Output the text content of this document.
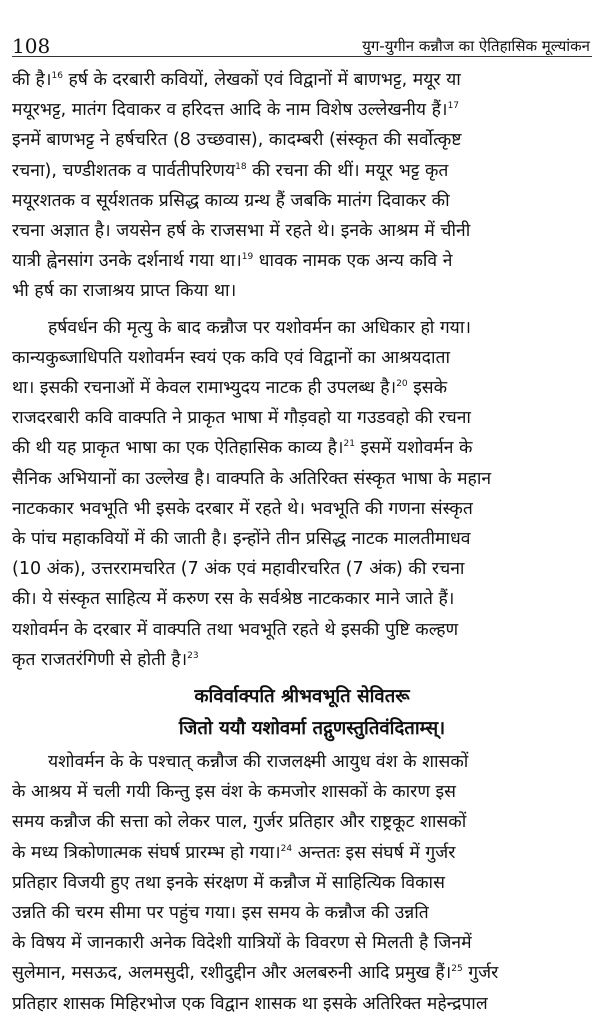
108	युग-युगीन कन्नौज का ऐतिहासिक मूल्यांकन
की है।$^{16}$ हर्ष के दरबारी कवियों, लेखकों एवं विद्वानों में बाणभट्ट, मयूर या
मयूरभट्ट, मातंग दिवाकर व हरिदत्त आदि के नाम विशेष उल्लेखनीय हैं।$^{17}$
इनमें बाणभट्ट ने हर्षचरित (8 उच्छवास), कादम्बरी (संस्कृत की सर्वोत्कृष्ट
रचना), चण्डीशतक व पार्वतीपरिणय$^{18}$ की रचना की थीं। मयूर भट्ट कृत
मयूरशतक व सूर्यशतक प्रसिद्ध काव्य ग्रन्थ हैं जबकि मातंग दिवाकर की
रचना अज्ञात है। जयसेन हर्ष के राजसभा में रहते थे। इनके आश्रम में चीनी
यात्री ह्वेनसांग उनके दर्शनार्थ गया था।$^{19}$ धावक नामक एक अन्य कवि ने
भी हर्ष का राजाश्रय प्राप्त किया था।
हर्षवर्धन की मृत्यु के बाद कन्नौज पर यशोवर्मन का अधिकार हो गया।
कान्यकुब्जाधिपति यशोवर्मन स्वयं एक कवि एवं विद्वानों का आश्रयदाता
था। इसकी रचनाओं में केवल रामाभ्युदय नाटक ही उपलब्ध है।$^{20}$ इसके
राजदरबारी कवि वाक्पति ने प्राकृत भाषा में गौड़वहो या गउडवहो की रचना
की थी यह प्राकृत भाषा का एक ऐतिहासिक काव्य है।$^{21}$ इसमें यशोवर्मन के
सैनिक अभियानों का उल्लेख है। वाक्पति के अतिरिक्त संस्कृत भाषा के महान
नाटककार भवभूति भी इसके दरबार में रहते थे। भवभूति की गणना संस्कृत
के पांच महाकवियों में की जाती है। इन्होंने तीन प्रसिद्ध नाटक मालतीमाधव
(10 अंक), उत्तररामचरित (7 अंक एवं महावीरचरित (7 अंक) की रचना
की। ये संस्कृत साहित्य में करुण रस के सर्वश्रेष्ठ नाटककार माने जाते हैं।
यशोवर्मन के दरबार में वाक्पति तथा भवभूति रहते थे इसकी पुष्टि कल्हण
कृत राजतरंगिणी से होती है।$^{23}$
कविर्वाक्पति श्रीभवभूति सेवितरू
जितो ययौ यशोवर्मा तद्गुणस्तुतिवंदिताम्स्।
यशोवर्मन के के पश्चात् कन्नौज की राजलक्ष्मी आयुध वंश के शासकों
के आश्रय में चली गयी किन्तु इस वंश के कमजोर शासकों के कारण इस
समय कन्नौज की सत्ता को लेकर पाल, गुर्जर प्रतिहार और राष्ट्रकूट शासकों
के मध्य त्रिकोणात्मक संघर्ष प्रारम्भ हो गया।$^{24}$ अन्ततः इस संघर्ष में गुर्जर
प्रतिहार विजयी हुए तथा इनके संरक्षण में कन्नौज में साहित्यिक विकास
उन्नति की चरम सीमा पर पहुंच गया। इस समय के कन्नौज की उन्नति
के विषय में जानकारी अनेक विदेशी यात्रियों के विवरण से मिलती है जिनमें
सुलेमान, मसऊद, अलमसुदी, रशीदुद्दीन और अलबरुनी आदि प्रमुख हैं।$^{25}$ गुर्जर
प्रतिहार शासक मिहिरभोज एक विद्वान शासक था इसके अतिरिक्त महेन्द्रपाल
